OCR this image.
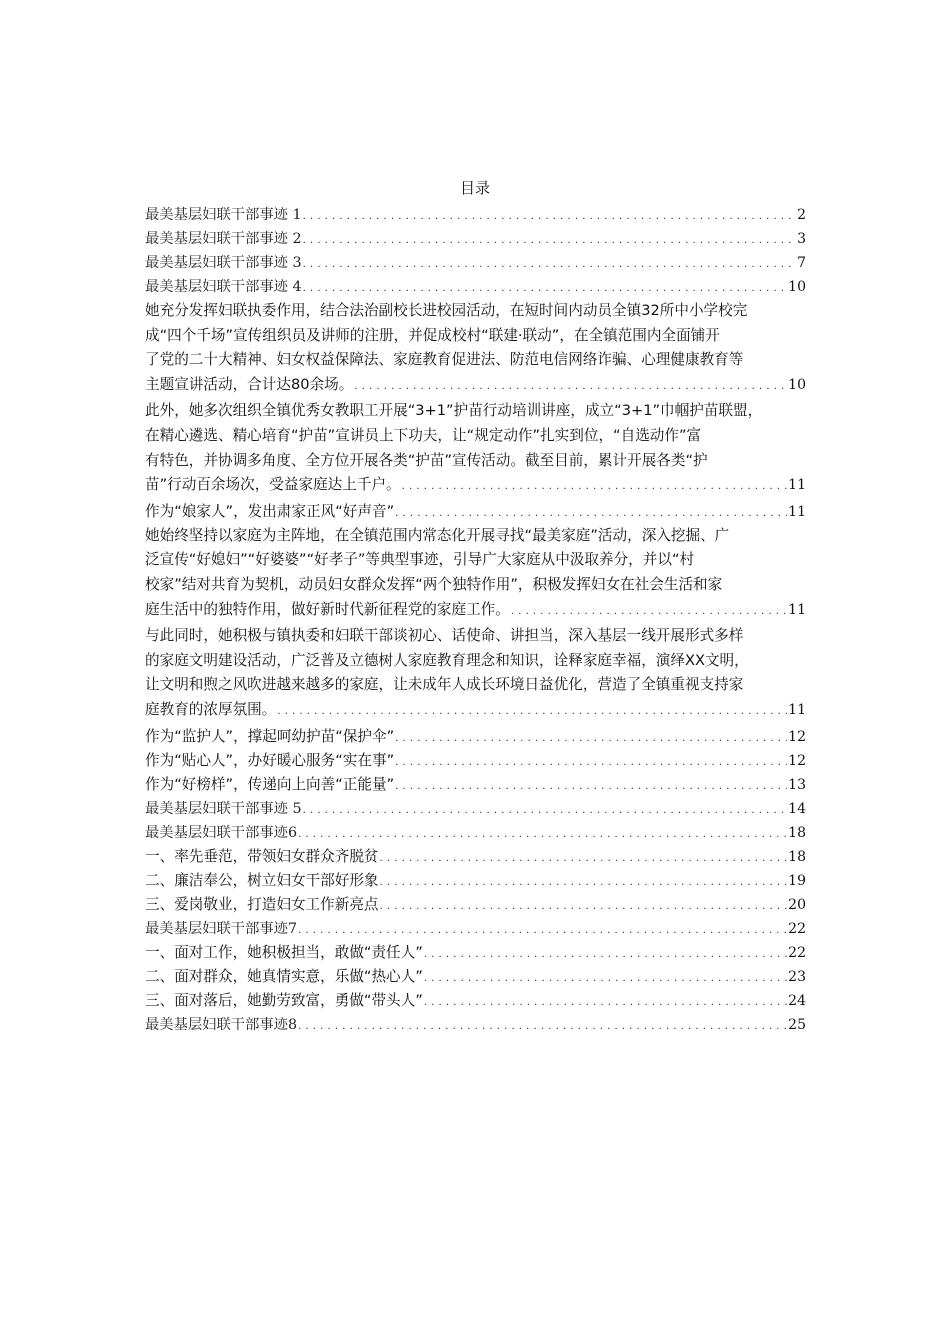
目录
最美基层妇联干部事迹 1 . . .	2
最美基层妇联干部事迹 2 . . .	3
最美基层妇联干部事迹 3 . . .	7
最美基层妇联干部事迹 4 . . .	10
她充分发挥妇联执委作用，结合法治副校长进校园活动，在短时间内动员全镇32所中小学校完
成“四个千场”宣传组织员及讲师的注册，并促成校村“联建·联动”，在全镇范围内全面铺开
了党的二十大精神、妇女权益保障法、家庭教育促进法、防范电信网络诈骗、心理健康教育等
主题宣讲活动，合计达80余场。 . . .	10
此外，她多次组织全镇优秀女教职工开展“3+1”护苗行动培训讲座，成立“3+1”巾帼护苗联盟，
在精心遴选、精心培育“护苗”宣讲员上下功夫，让“规定动作”扎实到位，“自选动作”富
有特色，并协调多角度、全方位开展各类“护苗”宣传活动。截至目前，累计开展各类“护
苗”行动百余场次，受益家庭达上千户。 . . .	11
作为“娘家人”，发出肃家正风“好声音” . . .	11
她始终坚持以家庭为主阵地，在全镇范围内常态化开展寻找“最美家庭”活动，深入挖掘、广
泛宣传“好媳妇”“好婆婆”“好孝子”等典型事迹，引导广大家庭从中汲取养分，并以“村
校家”结对共育为契机，动员妇女群众发挥“两个独特作用”，积极发挥妇女在社会生活和家
庭生活中的独特作用，做好新时代新征程党的家庭工作。 . . .	11
与此同时，她积极与镇执委和妇联干部谈初心、话使命、讲担当，深入基层一线开展形式多样
的家庭文明建设活动，广泛普及立德树人家庭教育理念和知识，诠释家庭幸福，演绎XX文明，
让文明和煦之风吹进越来越多的家庭，让未成年人成长环境日益优化，营造了全镇重视支持家
庭教育的浓厚氛围。 . . .	11
作为“监护人”，撑起呵幼护苗“保护伞” . . .	12
作为“贴心人”，办好暖心服务“实在事” . . .	12
作为“好榜样”，传递向上向善“正能量” . . .	13
最美基层妇联干部事迹 5 . . .	14
最美基层妇联干部事迹6 . . .	18
一、率先垂范，带领妇女群众齐脱贫 . . .	18
二、廉洁奉公，树立妇女干部好形象 . . .	19
三、爱岗敬业，打造妇女工作新亮点 . . .	20
最美基层妇联干部事迹7 . . .	22
一、面对工作，她积极担当，敢做“责任人” . . .	22
二、面对群众，她真情实意，乐做“热心人” . . .	23
三、面对落后，她勤劳致富，勇做“带头人” . . .	24
最美基层妇联干部事迹8 . . .	25
